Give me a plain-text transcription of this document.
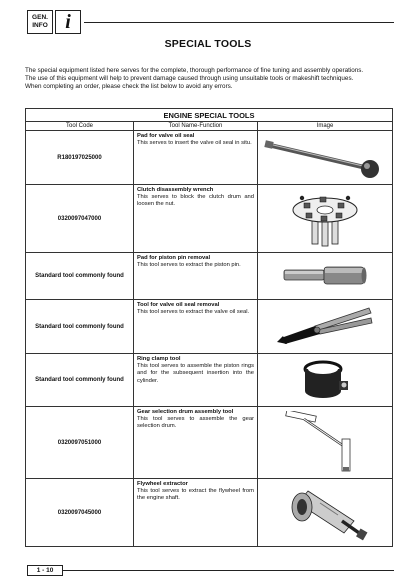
GEN.
INFO i
SPECIAL TOOLS
The special equipment listed here serves for the complete, thorough performance of fine tuning and assembly operations.
The use of this equipment will help to prevent damage caused through using unsuitable tools or makeshift techniques.
When completing an order, please check the list below to avoid any errors.
ENGINE SPECIAL TOOLS		
Tool Code	Tool Name-Function	Image
R180197025000	Pad for valve oil seal
This serves to insert the valve oil seal in situ.	

0320097047000	Clutch disassembly wrench
This serves to block the clutch drum and loosen the nut.	

Standard tool commonly found	Pad for piston pin removal
This tool serves to extract the piston pin.	

Standard tool commonly found	Tool for valve oil seal removal
This tool serves to extract the valve oil seal.	

Standard tool commonly found	Ring clamp tool
This tool serves to assemble the piston rings and for the subsequent insertion into the cylinder.	

0320097051000	Gear selection drum assembly tool
This tool serves to assemble the gear selection drum.	

0320097045000	Flywheel extractor
This tool serves to extract the flywheel from the engine shaft.	
1 - 10
